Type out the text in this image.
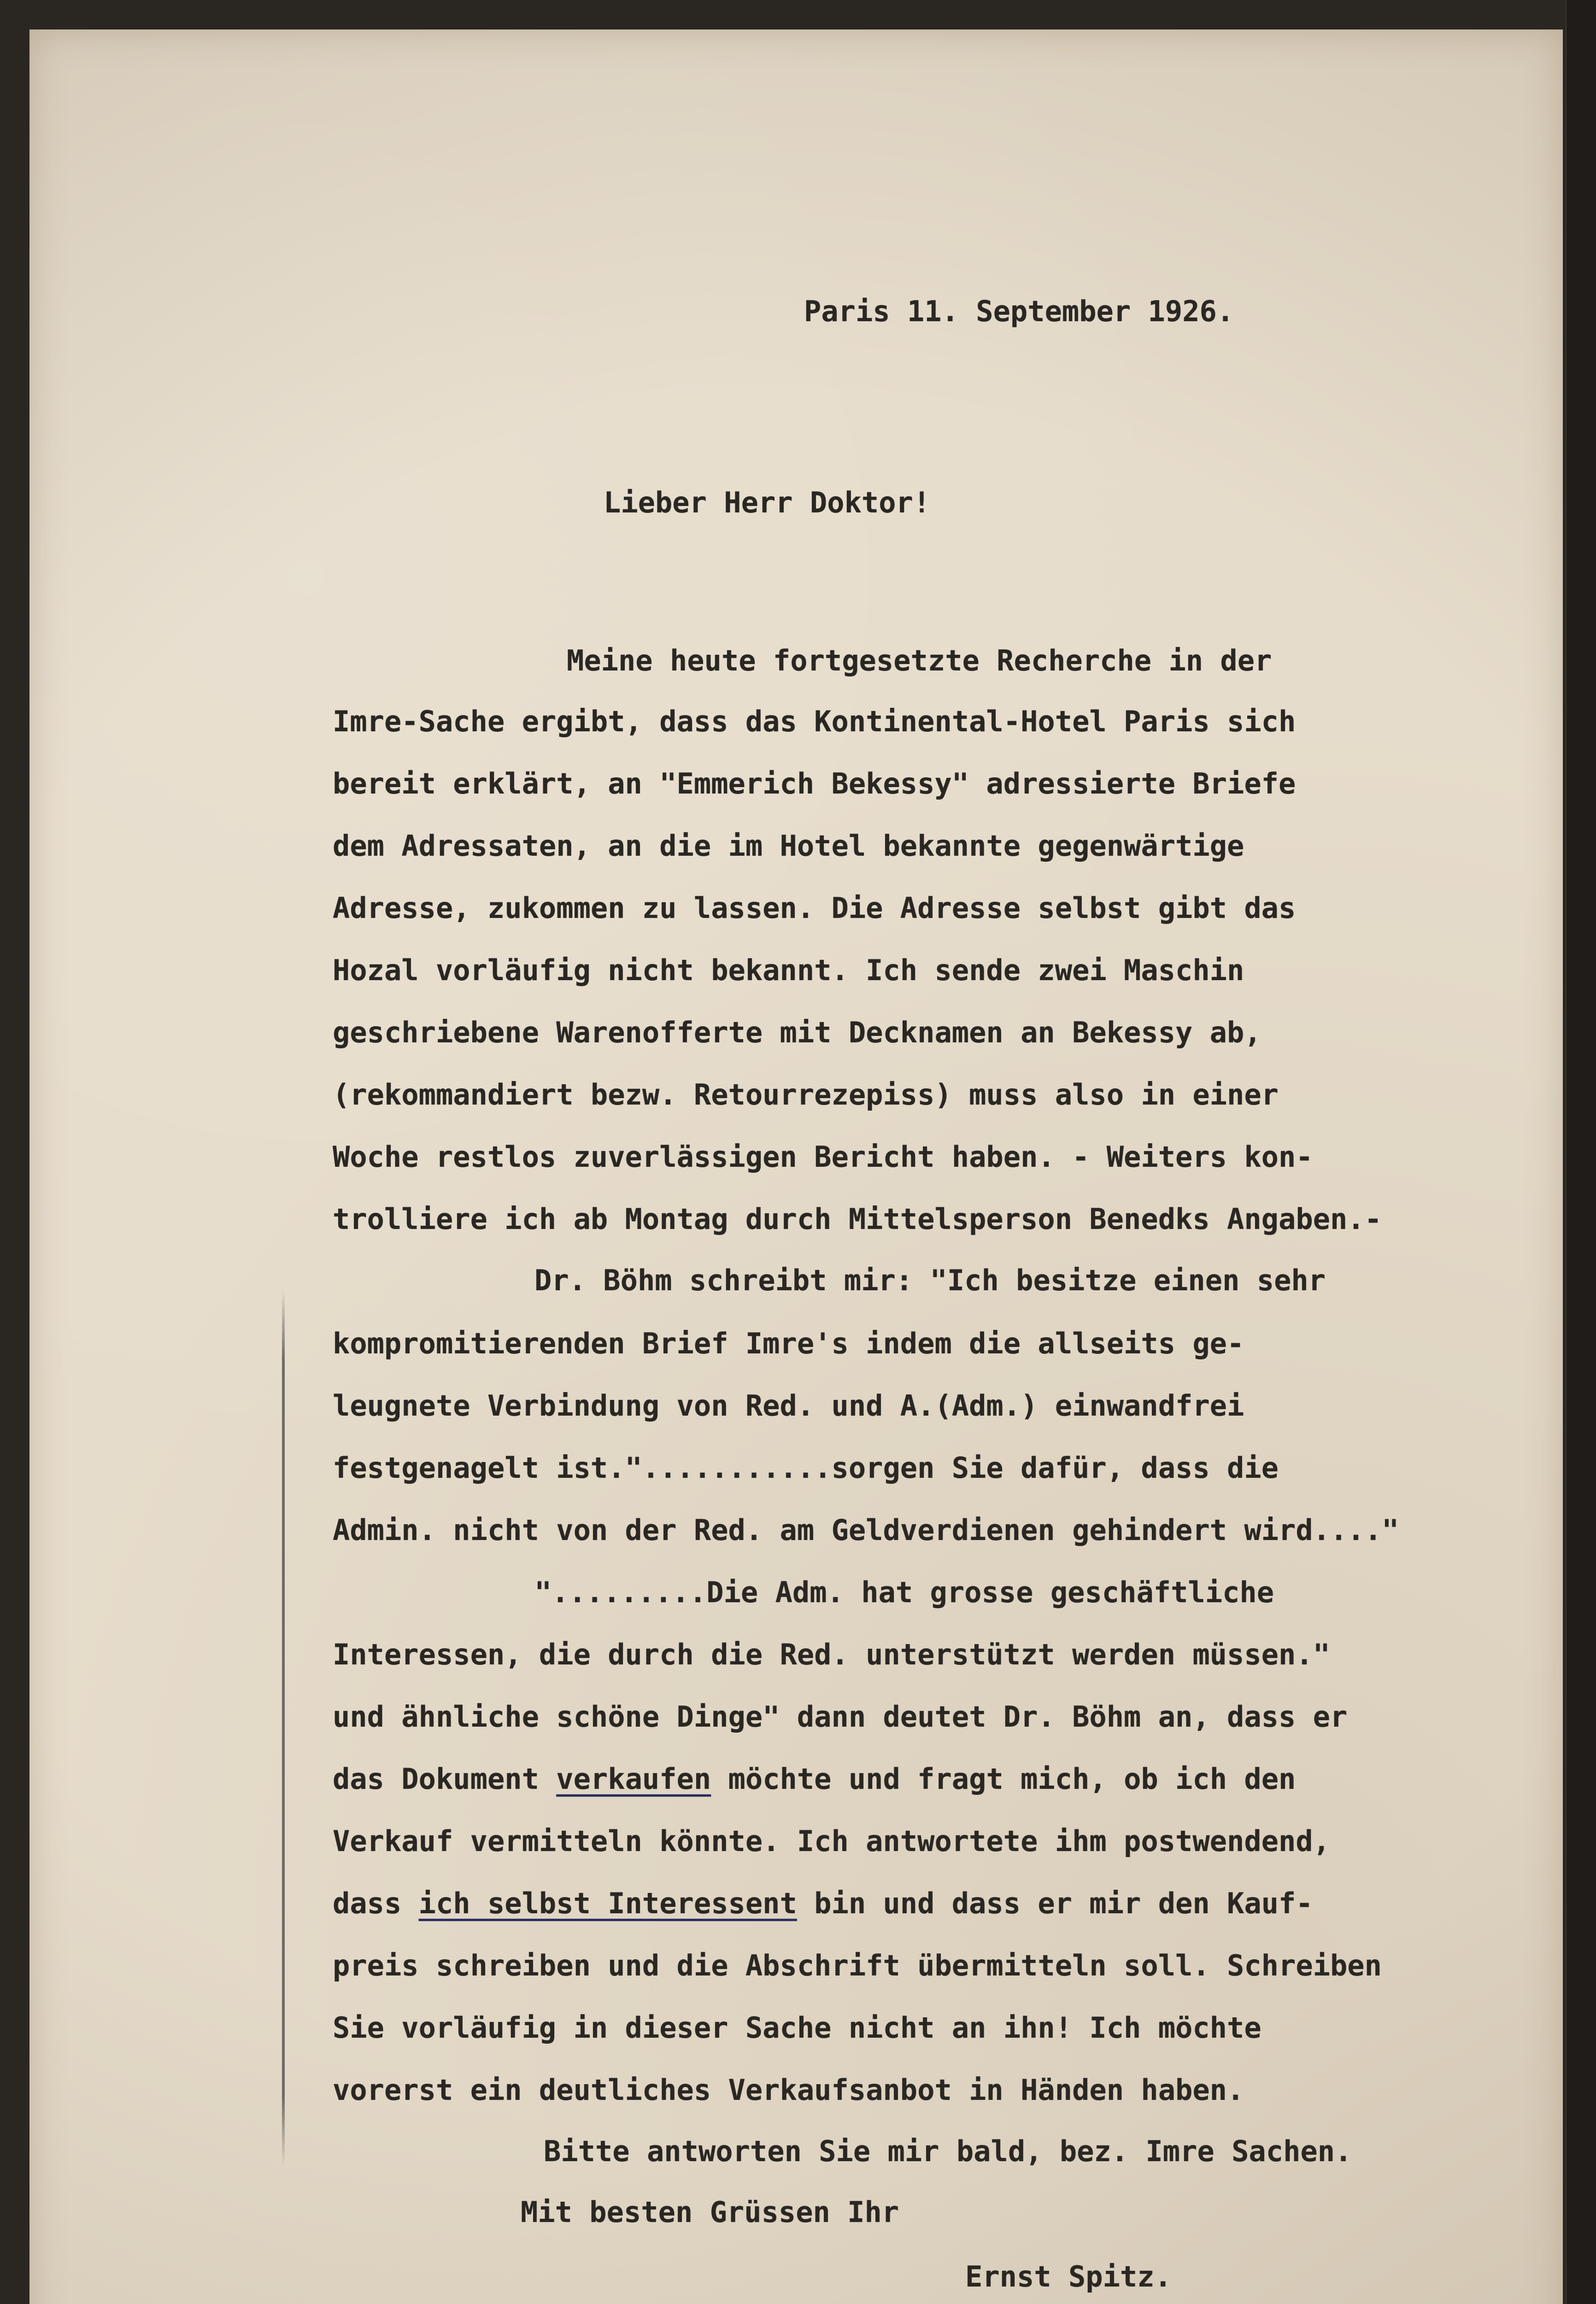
Paris 11. September 1926.
Lieber Herr Doktor!
Meine heute fortgesetzte Recherche in der
Imre-Sache ergibt, dass das Kontinental-Hotel Paris sich
bereit erklärt, an "Emmerich Bekessy" adressierte Briefe
dem Adressaten, an die im Hotel bekannte gegenwärtige
Adresse, zukommen zu lassen. Die Adresse selbst gibt das
Hozal vorläufig nicht bekannt. Ich sende zwei Maschin
geschriebene Warenofferte mit Decknamen an Bekessy ab,
(rekommandiert bezw. Retourrezepiss) muss also in einer
Woche restlos zuverlässigen Bericht haben. - Weiters kon-
trolliere ich ab Montag durch Mittelsperson Benedks Angaben.-
Dr. Böhm schreibt mir: "Ich besitze einen sehr
kompromitierenden Brief Imre's indem die allseits ge-
leugnete Verbindung von Red. und A.(Adm.) einwandfrei
festgenagelt ist."...........sorgen Sie dafür, dass die
Admin. nicht von der Red. am Geldverdienen gehindert wird...."
".........Die Adm. hat grosse geschäftliche
Interessen, die durch die Red. unterstützt werden müssen."
und ähnliche schöne Dinge" dann deutet Dr. Böhm an, dass er
das Dokument verkaufen möchte und fragt mich, ob ich den
Verkauf vermitteln könnte. Ich antwortete ihm postwendend,
dass ich selbst Interessent bin und dass er mir den Kauf-
preis schreiben und die Abschrift übermitteln soll. Schreiben
Sie vorläufig in dieser Sache nicht an ihn! Ich möchte
vorerst ein deutliches Verkaufsanbot in Händen haben.
Bitte antworten Sie mir bald, bez. Imre Sachen.
Mit besten Grüssen Ihr
Ernst Spitz.
